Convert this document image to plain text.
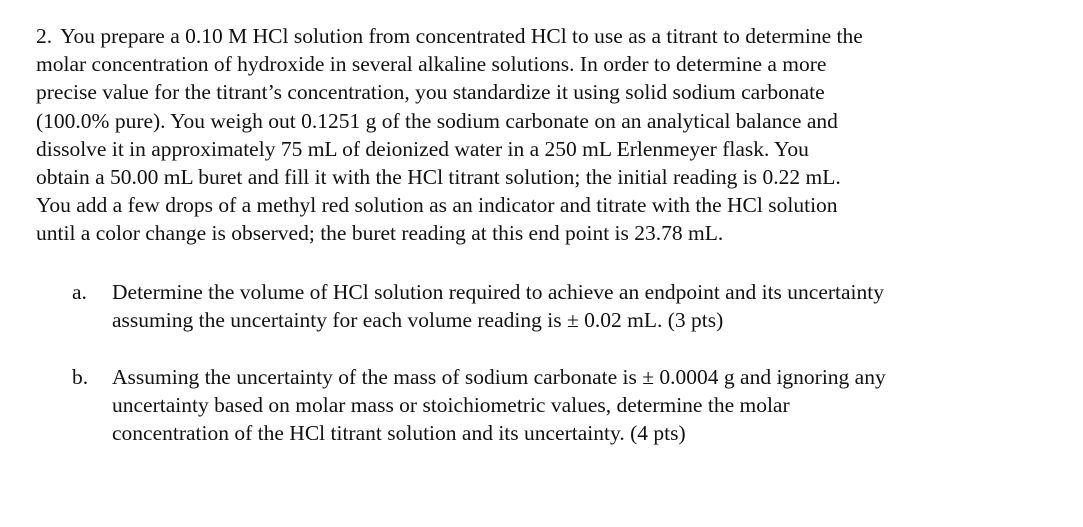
2. You prepare a 0.10 M HCl solution from concentrated HCl to use as a titrant to determine the
molar concentration of hydroxide in several alkaline solutions. In order to determine a more
precise value for the titrant’s concentration, you standardize it using solid sodium carbonate
(100.0% pure). You weigh out 0.1251 g of the sodium carbonate on an analytical balance and
dissolve it in approximately 75 mL of deionized water in a 250 mL Erlenmeyer flask. You
obtain a 50.00 mL buret and fill it with the HCl titrant solution; the initial reading is 0.22 mL.
You add a few drops of a methyl red solution as an indicator and titrate with the HCl solution
until a color change is observed; the buret reading at this end point is 23.78 mL.
a. Determine the volume of HCl solution required to achieve an endpoint and its uncertainty
assuming the uncertainty for each volume reading is ± 0.02 mL. (3 pts)
b. Assuming the uncertainty of the mass of sodium carbonate is ± 0.0004 g and ignoring any
uncertainty based on molar mass or stoichiometric values, determine the molar
concentration of the HCl titrant solution and its uncertainty. (4 pts)
